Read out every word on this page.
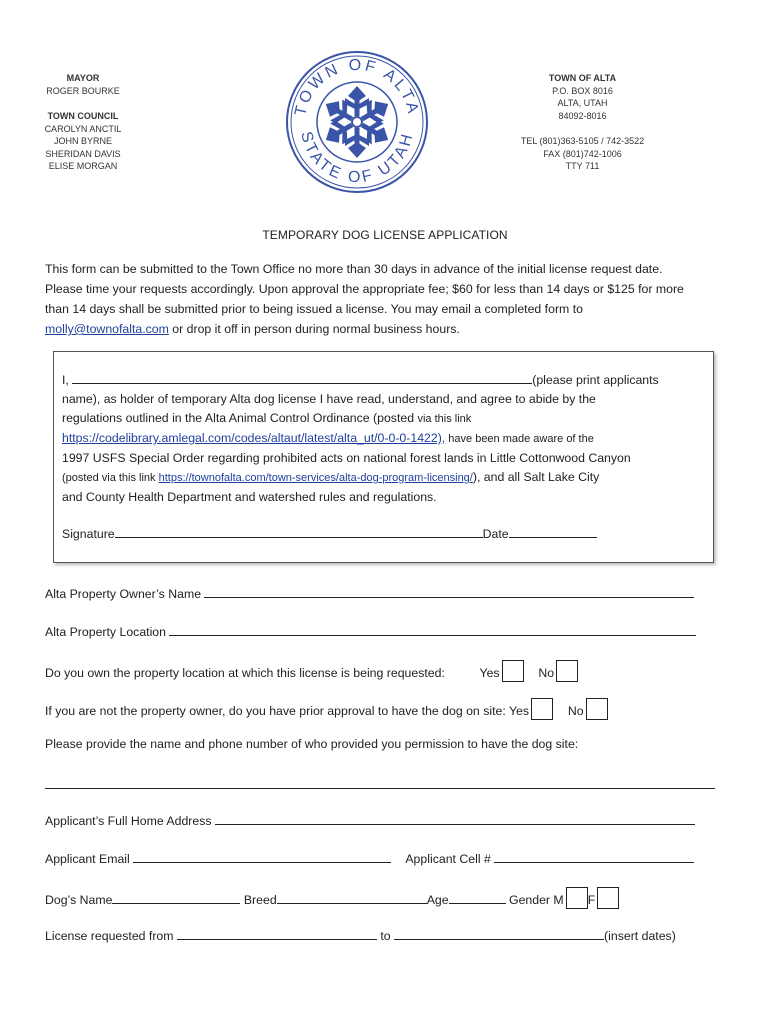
MAYOR
ROGER BOURKE
TOWN COUNCIL
CAROLYN ANCTIL
JOHN BYRNE
SHERIDAN DAVIS
ELISE MORGAN
TOWN OF ALTA
STATE OF UTAH
TOWN OF ALTA
P.O. BOX 8016
ALTA, UTAH
84092-8016
TEL (801)363-5105 / 742-3522
FAX (801)742-1006
TTY 711
TEMPORARY DOG LICENSE APPLICATION
This form can be submitted to the Town Office no more than 30 days in advance of the initial license request date.
Please time your requests accordingly. Upon approval the appropriate fee; $60 for less than 14 days or $125 for more
than 14 days shall be submitted prior to being issued a license. You may email a completed form to
molly@townofalta.com or drop it off in person during normal business hours.
I,	(please print applicants
name), as holder of temporary Alta dog license I have read, understand, and agree to abide by the
regulations outlined in the Alta Animal Control Ordinance (posted via this link
https://codelibrary.amlegal.com/codes/altaut/latest/alta_ut/0-0-0-1422), have been made aware of the
1997 USFS Special Order regarding prohibited acts on national forest lands in Little Cottonwood Canyon
(posted via this link https://townofalta.com/town-services/alta-dog-program-licensing/), and all Salt Lake City
and County Health Department and watershed rules and regulations.
Signature	Date
Alta Property Owner’s Name
Alta Property Location
Do you own the property location at which this license is being requested:	Yes	No
If you are not the property owner, do you have prior approval to have the dog on site: Yes	No
Please provide the name and phone number of who provided you permission to have the dog site:
Applicant’s Full Home Address
Applicant Email	Applicant Cell #
Dog’s Name	Breed	Age	Gender M F
License requested from	to	(insert dates)
